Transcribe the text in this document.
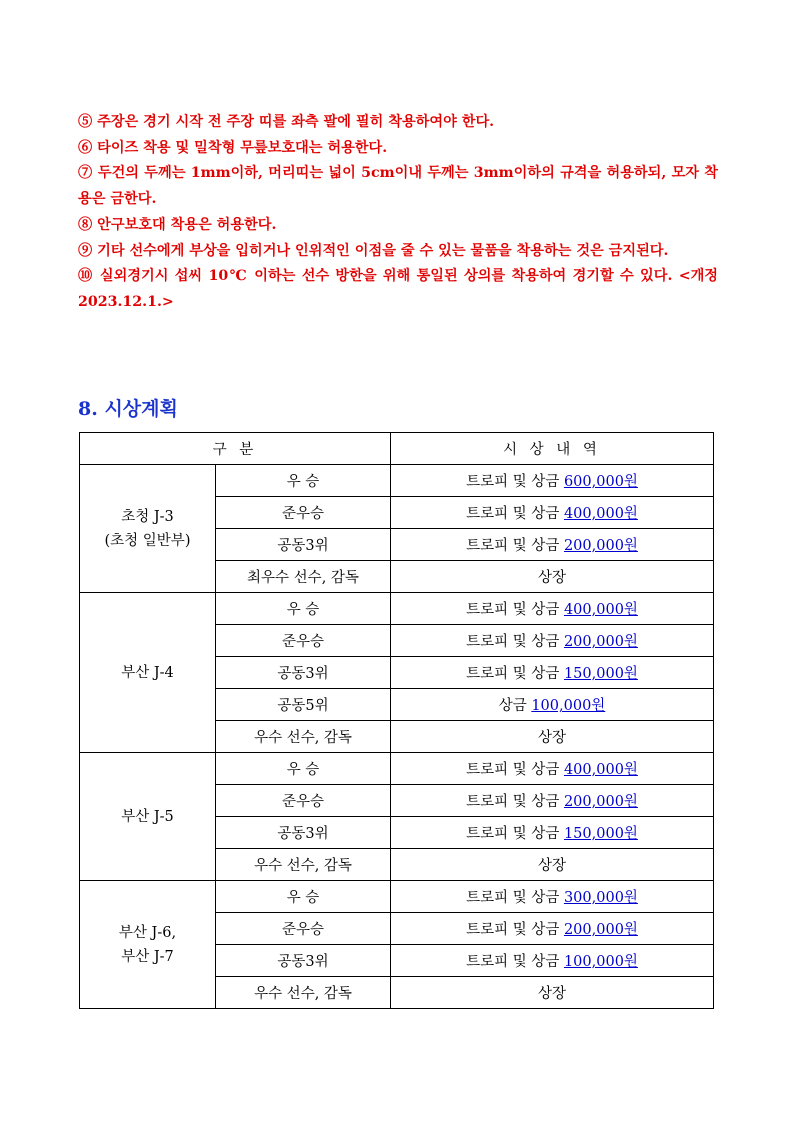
⑤ 주장은 경기 시작 전 주장 띠를 좌측 팔에 필히 착용하여야 한다.

⑥ 타이즈 착용 및 밀착형 무릎보호대는 허용한다.

⑦ 두건의 두께는 1mm이하, 머리띠는 넓이 5cm이내 두께는 3mm이하의 규격을 허용하되, 모자 착용은 금한다.

⑧ 안구보호대 착용은 허용한다.

⑨ 기타 선수에게 부상을 입히거나 인위적인 이점을 줄 수 있는 물품을 착용하는 것은 금지된다.

⑩ 실외경기시 섭씨 10℃ 이하는 선수 방한을 위해 통일된 상의를 착용하여 경기할 수 있다. <개정 2023.12.1.>

8. 시상계획
구 분		시 상 내 역

초청 J-3
(초청 일반부)	우 승	트로피 및 상금 600,000원
	준우승	트로피 및 상금 400,000원
	공동3위	트로피 및 상금 200,000원
	최우수 선수, 감독	상장

부산 J-4	우 승	트로피 및 상금 400,000원
	준우승	트로피 및 상금 200,000원
	공동3위	트로피 및 상금 150,000원
	공동5위	상금 100,000원
	우수 선수, 감독	상장

부산 J-5	우 승	트로피 및 상금 400,000원
	준우승	트로피 및 상금 200,000원
	공동3위	트로피 및 상금 150,000원
	우수 선수, 감독	상장

부산 J-6,
부산 J-7	우 승	트로피 및 상금 300,000원
	준우승	트로피 및 상금 200,000원
	공동3위	트로피 및 상금 100,000원
	우수 선수, 감독	상장
